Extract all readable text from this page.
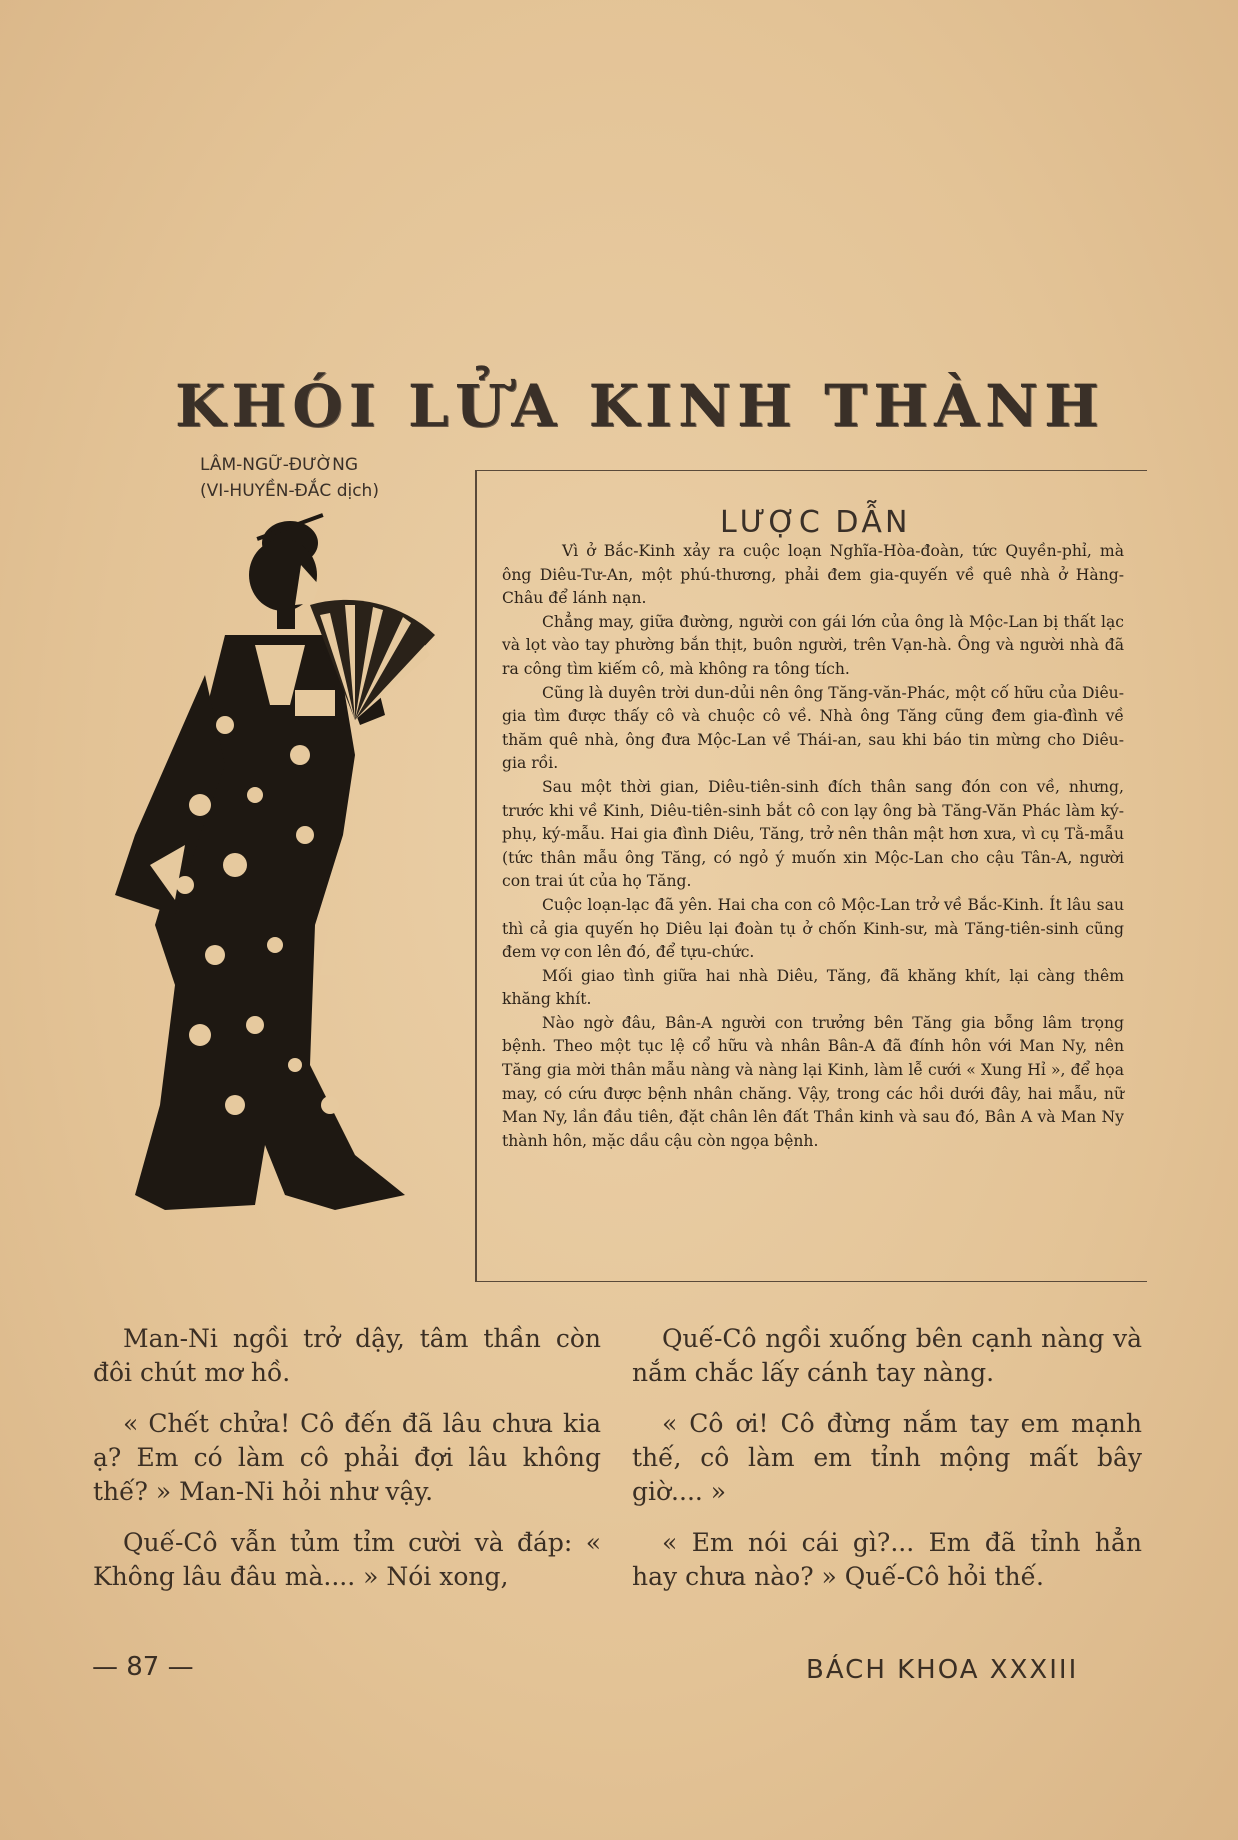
KHÓI LỬA KINH THÀNH
LÂM-NGỮ-ĐƯỜNG
(VI-HUYỀN-ĐẮC dịch)
LƯỢC DẪN

Vì ở Bắc-Kinh xảy ra cuộc loạn Nghĩa-Hòa-đoàn, tức Quyền-phỉ, mà ông Diêu-Tư-An, một phú-thương, phải đem gia-quyến về quê nhà ở Hàng-Châu để lánh nạn.

Chẳng may, giữa đường, người con gái lớn của ông là Mộc-Lan bị thất lạc và lọt vào tay phường bắn thịt, buôn người, trên Vạn-hà. Ông và người nhà đã ra công tìm kiếm cô, mà không ra tông tích.

Cũng là duyên trời dun-dủi nên ông Tăng-văn-Phác, một cố hữu của Diêu-gia tìm được thấy cô và chuộc cô về. Nhà ông Tăng cũng đem gia-đình về thăm quê nhà, ông đưa Mộc-Lan về Thái-an, sau khi báo tin mừng cho Diêu-gia rồi.

Sau một thời gian, Diêu-tiên-sinh đích thân sang đón con về, nhưng, trước khi về Kinh, Diêu-tiên-sinh bắt cô con lạy ông bà Tăng-Văn Phác làm ký-phụ, ký-mẫu. Hai gia đình Diêu, Tăng, trở nên thân mật hơn xưa, vì cụ Tằ-mẫu (tức thân mẫu ông Tăng, có ngỏ ý muốn xin Mộc-Lan cho cậu Tân-A, người con trai út của họ Tăng.

Cuộc loạn-lạc đã yên. Hai cha con cô Mộc-Lan trở về Bắc-Kinh. Ít lâu sau thì cả gia quyến họ Diêu lại đoàn tụ ở chốn Kinh-sư, mà Tăng-tiên-sinh cũng đem vợ con lên đó, để tựu-chức.

Mối giao tình giữa hai nhà Diêu, Tăng, đã khăng khít, lại càng thêm khăng khít.

Nào ngờ đâu, Bân-A người con trưởng bên Tăng gia bỗng lâm trọng bệnh. Theo một tục lệ cổ hữu và nhân Bân-A đã đính hôn với Man Ny, nên Tăng gia mời thân mẫu nàng và nàng lại Kinh, làm lễ cưới « Xung Hỉ », để họa may, có cứu được bệnh nhân chăng. Vậy, trong các hồi dưới đây, hai mẫu, nữ Man Ny, lần đầu tiên, đặt chân lên đất Thần kinh và sau đó, Bân A và Man Ny thành hôn, mặc dầu cậu còn ngọa bệnh.

Man-Ni ngồi trở dậy, tâm thần còn đôi chút mơ hồ.

« Chết chửa! Cô đến đã lâu chưa kia ạ? Em có làm cô phải đợi lâu không thế? » Man-Ni hỏi như vậy.

Quế-Cô vẫn tủm tỉm cười và đáp: « Không lâu đâu mà.... » Nói xong,

Quế-Cô ngồi xuống bên cạnh nàng và nắm chắc lấy cánh tay nàng.

« Cô ơi! Cô đừng nắm tay em mạnh thế, cô làm em tỉnh mộng mất bây giờ.... »

« Em nói cái gì?... Em đã tỉnh hẳn hay chưa nào? » Quế-Cô hỏi thế.

— 87 —	BÁCH KHOA XXXIII
